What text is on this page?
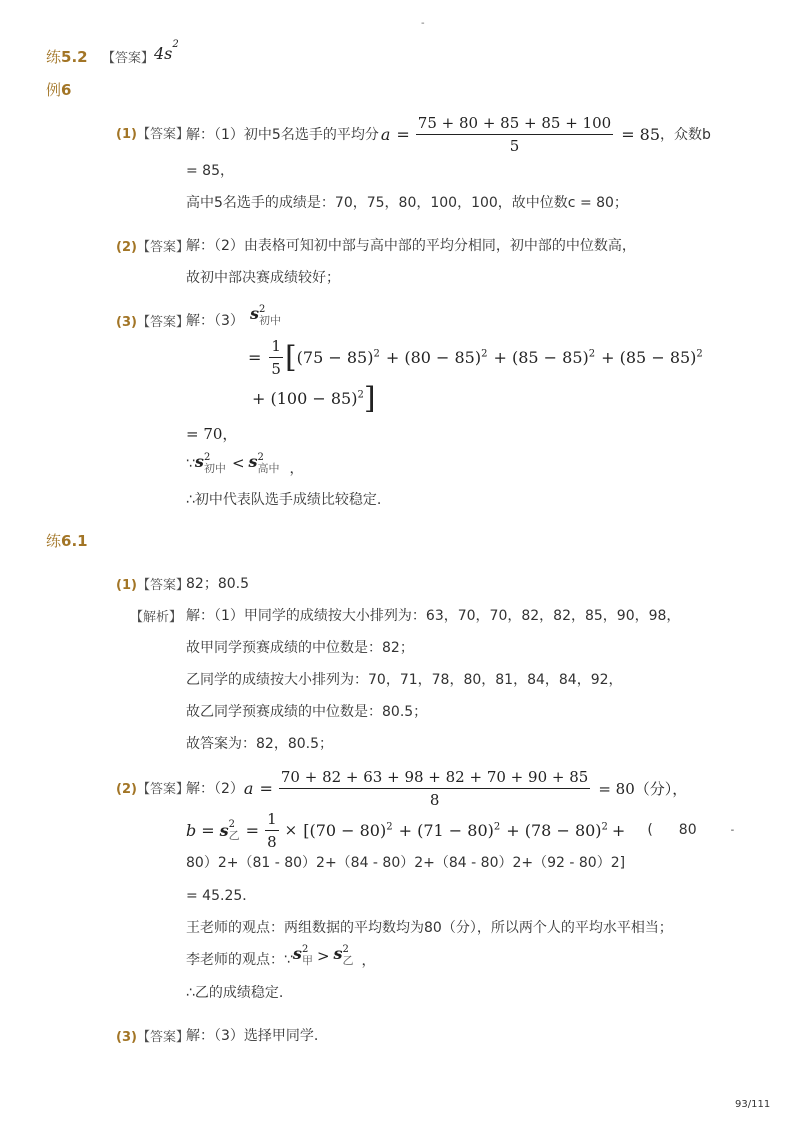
-
练5.2 【答案】 $4s^2$
例6
(1)【答案】
解：（1）初中5名选手的平均分 $a = \frac{75 + 80 + 85 + 85 + 100}{5} = 85$ ，众数b
= 85，
高中5名选手的成绩是：70，75，80，100，100，故中位数c = 80；
(2)【答案】
解：（2）由表格可知初中部与高中部的平均分相同，初中部的中位数高，
故初中部决赛成绩较好；
(3)【答案】
解：（3） s 2
初中
= $\frac{1}{5}$ [ $(75 - 85)^2 + (80 - 85)^2 + (85 - 85)^2 + (85 - 85)^2$
+ $(100 - 85)^2$ ]
= 70，
∵ s 2
初中 < s 2
高中 ，
∴初中代表队选手成绩比较稳定.
练6.1
(1)【答案】
82；80.5
【解析】 解：（1）甲同学的成绩按大小排列为：63，70，70，82，82，85，90，98，
故甲同学预赛成绩的中位数是：82；
乙同学的成绩按大小排列为：70，71，78，80，81，84，84，92，
故乙同学预赛成绩的中位数是：80.5；
故答案为：82，80.5；
(2)【答案】
解：（2） $a = \frac{70 + 82 + 63 + 98 + 82 + 70 + 90 + 85}{8} = 80$（分），
b = s 2
乙 = $\frac{1}{8} \times [(70 - 80)^2 + (71 - 80)^2 + (78 - 80)^2$ + ( 80	-
80）2+（81 - 80）2+（84 - 80）2+（84 - 80）2+（92 - 80）2]
= 45.25．
王老师的观点：两组数据的平均数均为80（分），所以两个人的平均水平相当；
李老师的观点：∵ s 2
甲 > s 2
乙 ，
∴乙的成绩稳定.
(3)【答案】
解：（3）选择甲同学.
93/111
